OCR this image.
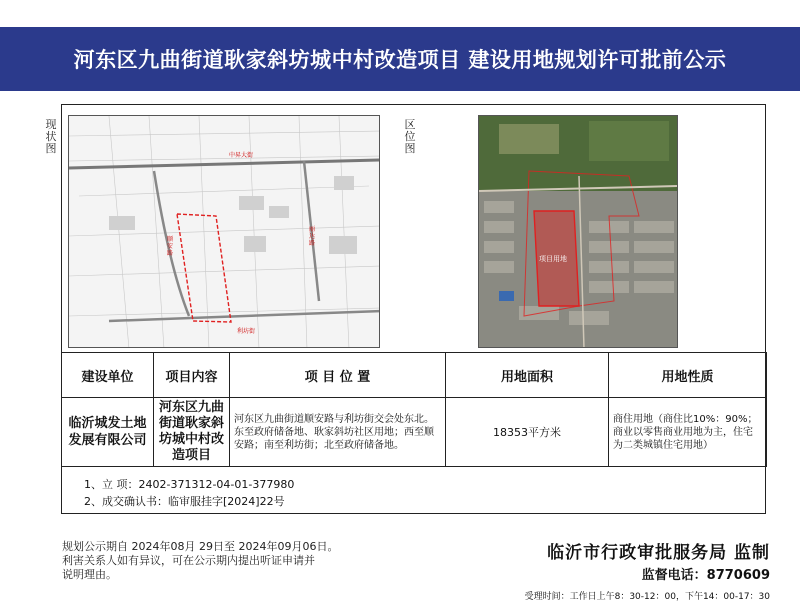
河东区九曲街道耿家斜坊城中村改造项目 建设用地规划许可批前公示
现状图
中昇大街
顺安路
丽达路
利坊街
区位图
项目用地
建设单位	项目内容	项 目 位 置	用地面积	用地性质
临沂城发土地发展有限公司	河东区九曲街道耿家斜坊城中村改造项目	河东区九曲街道顺安路与利坊街交会处东北。东至政府储备地、耿家斜坊社区用地；西至顺安路；南至利坊街；北至政府储备地。	18353平方米	商住用地（商住比10%：90%；商业以零售商业用地为主，住宅为二类城镇住宅用地）
1、立 项：2402-371312-04-01-377980
2、成交确认书：临审服挂字[2024]22号
规划公示期自 2024年08月 29日至 2024年09月06日。
利害关系人如有异议，可在公示期内提出听证申请并
说明理由。
临沂市行政审批服务局 监制
监督电话：8770609
受理时间：工作日上午8：30-12：00，下午14：00-17：30
